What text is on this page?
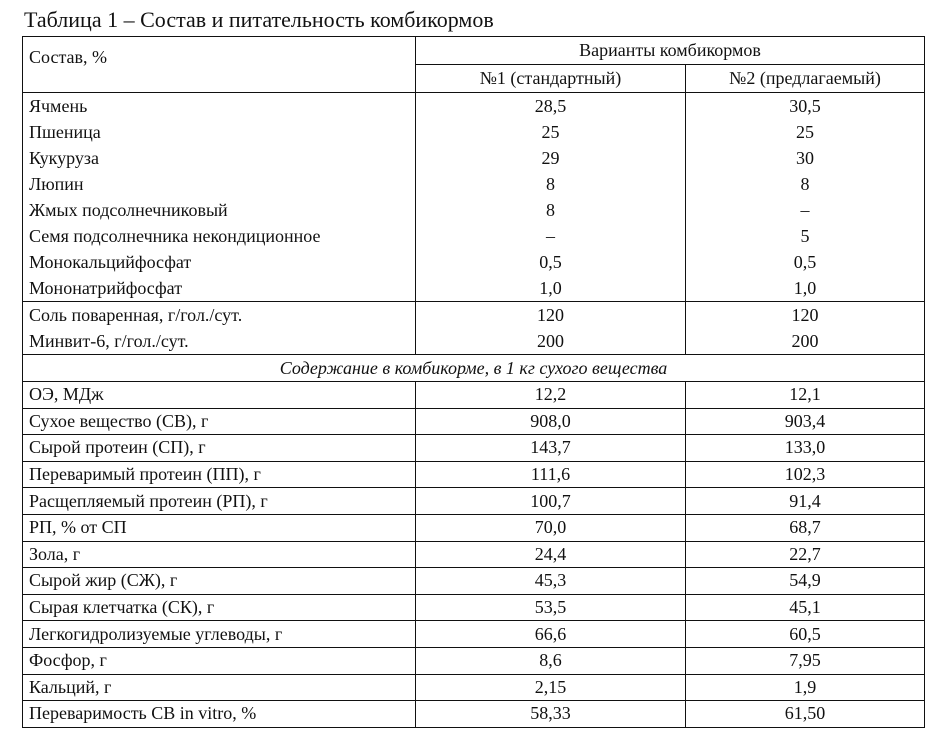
Таблица 1 – Состав и питательность комбикормов
Состав, %	Варианты комбикормов	
	№1 (стандартный)	№2 (предлагаемый)
Ячмень	28,5	30,5
Пшеница	25	25
Кукуруза	29	30
Люпин	8	8
Жмых подсолнечниковый	8	–
Семя подсолнечника некондиционное	–	5
Монокальцийфосфат	0,5	0,5
Мононатрийфосфат	1,0	1,0
Соль поваренная, г/гол./сут.	120	120
Минвит-6, г/гол./сут.	200	200
Содержание в комбикорме, в 1 кг сухого вещества		
ОЭ, МДж	12,2	12,1
Сухое вещество (СВ), г	908,0	903,4
Сырой протеин (СП), г	143,7	133,0
Переваримый протеин (ПП), г	111,6	102,3
Расщепляемый протеин (РП), г	100,7	91,4
РП, % от СП	70,0	68,7
Зола, г	24,4	22,7
Сырой жир (СЖ), г	45,3	54,9
Сырая клетчатка (СК), г	53,5	45,1
Легкогидролизуемые углеводы, г	66,6	60,5
Фосфор, г	8,6	7,95
Кальций, г	2,15	1,9
Переваримость СВ in vitro, %	58,33	61,50
